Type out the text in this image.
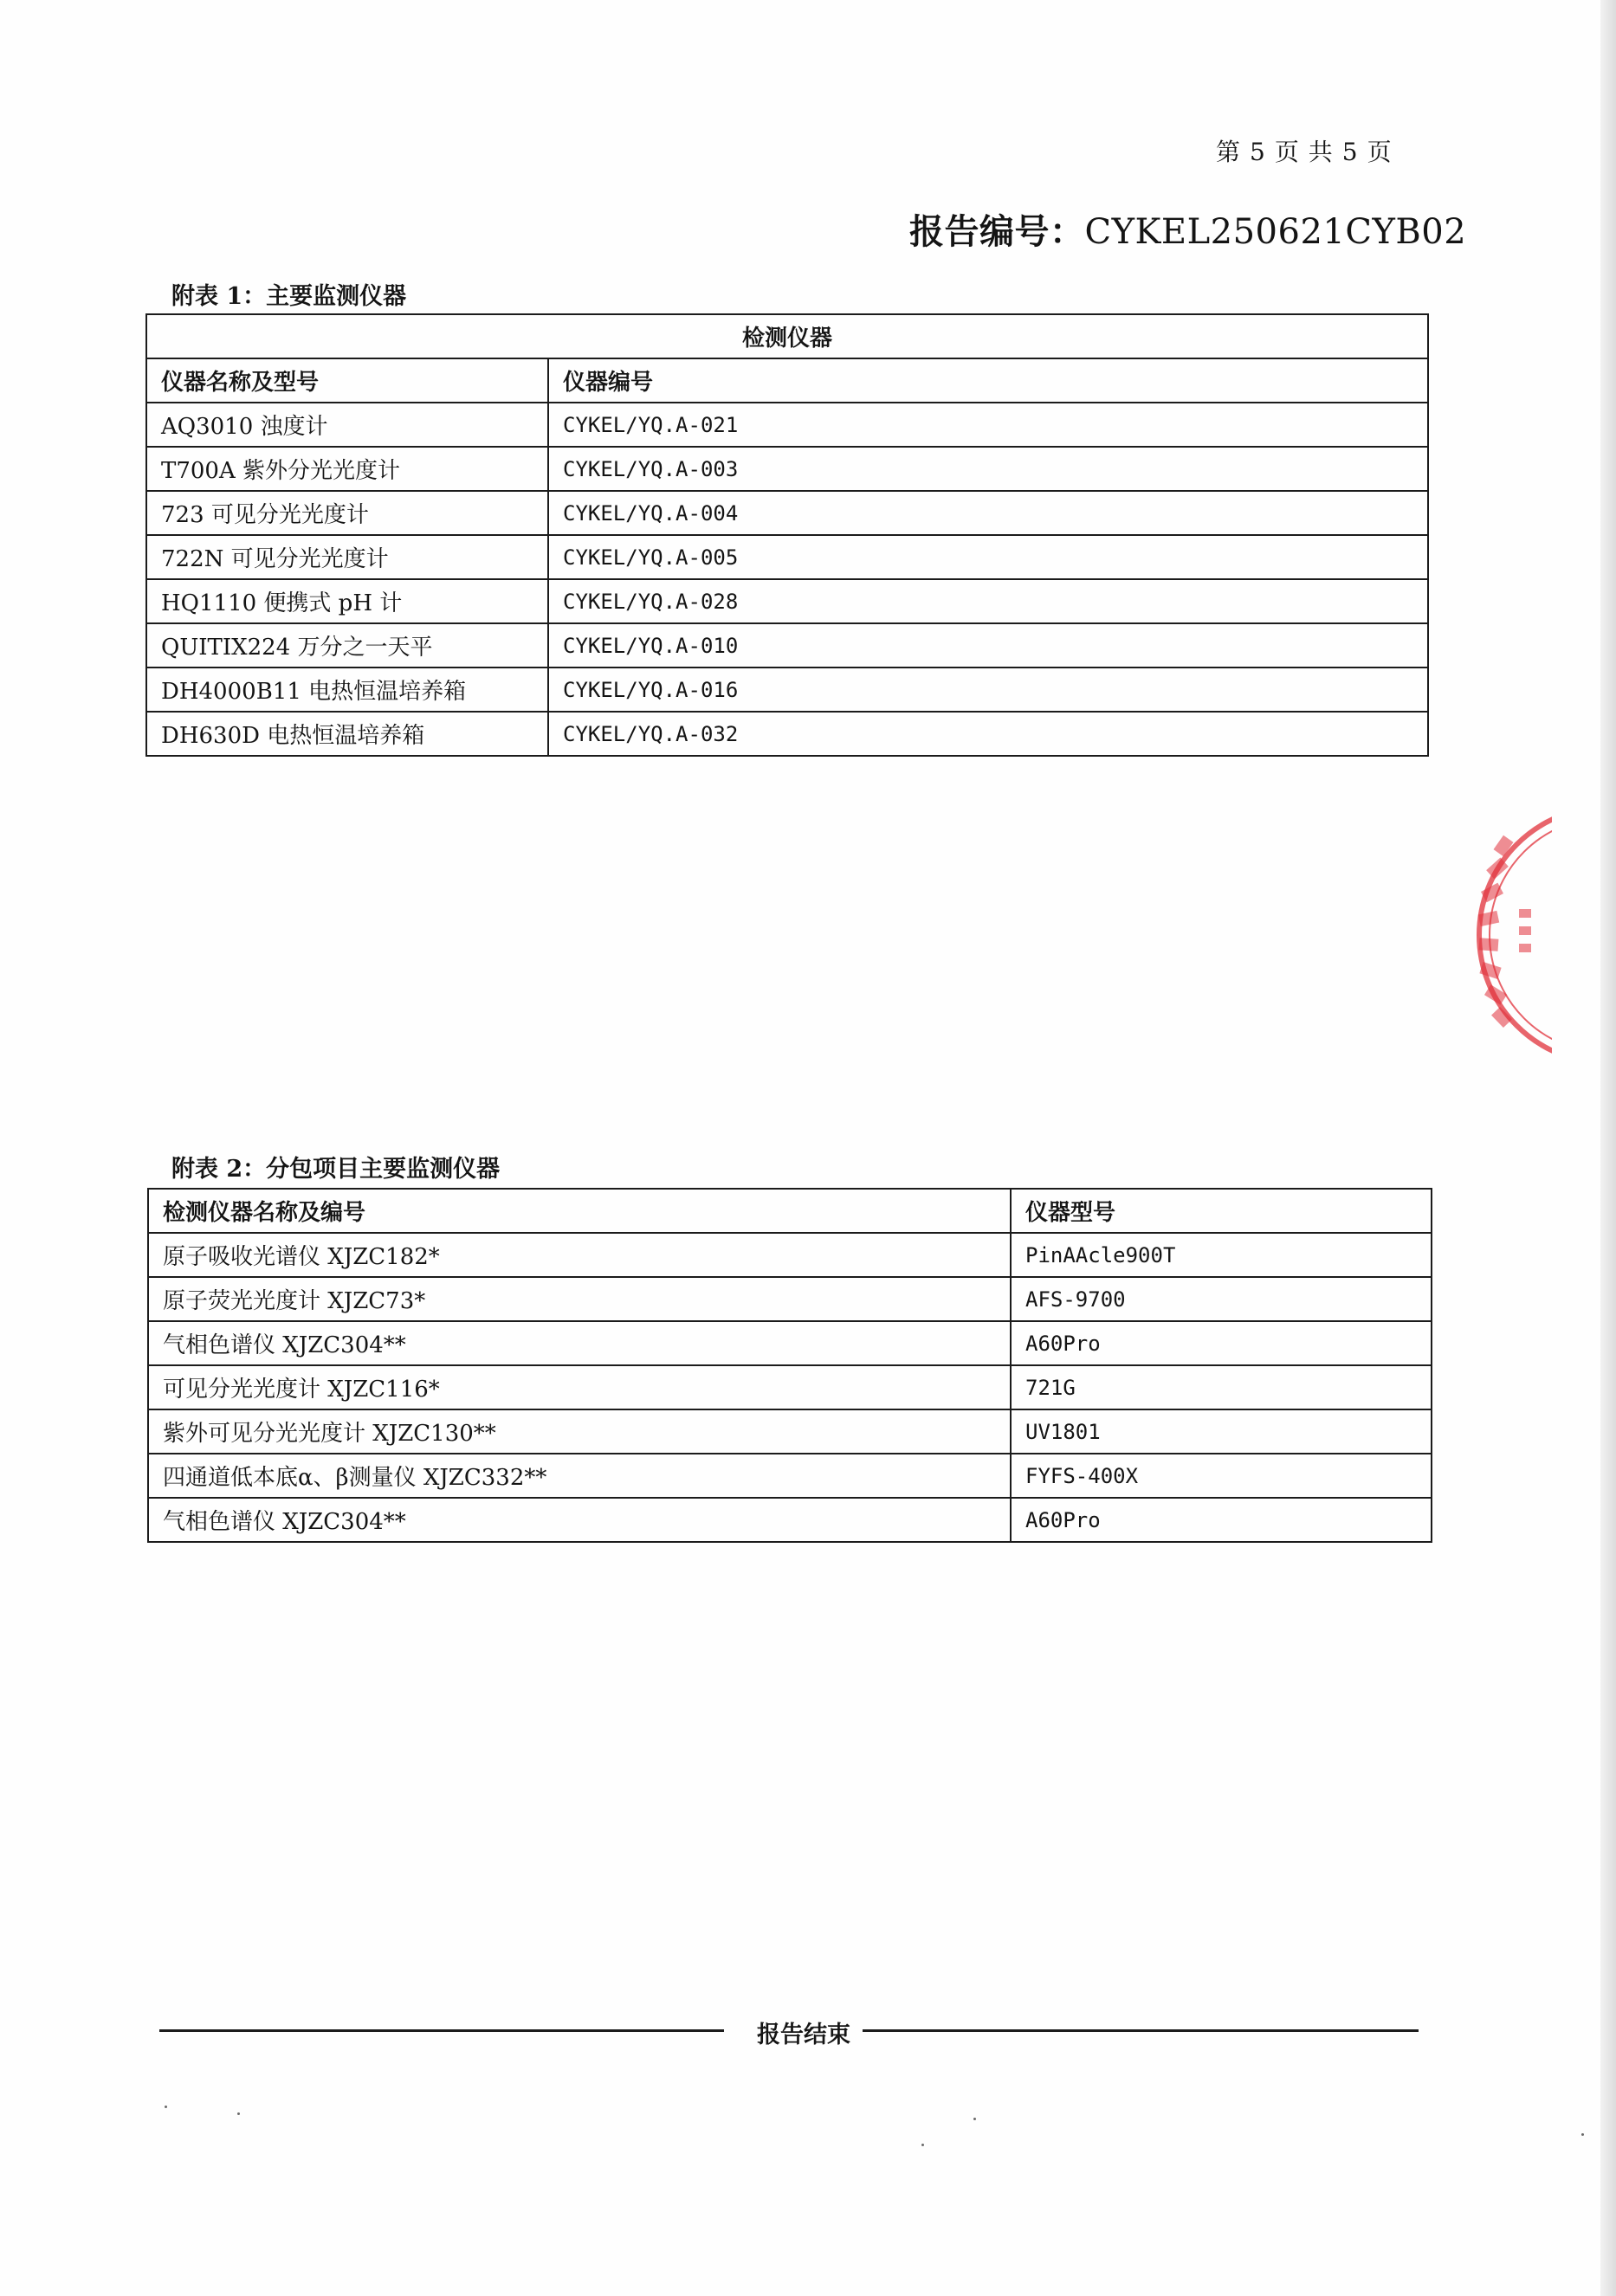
第 5 页 共 5 页
报告编号：CYKEL250621CYB02
附表 1：主要监测仪器
检测仪器	
仪器名称及型号	仪器编号
AQ3010 浊度计	CYKEL/YQ.A-021
T700A 紫外分光光度计	CYKEL/YQ.A-003
723 可见分光光度计	CYKEL/YQ.A-004
722N 可见分光光度计	CYKEL/YQ.A-005
HQ1110 便携式 pH 计	CYKEL/YQ.A-028
QUITIX224 万分之一天平	CYKEL/YQ.A-010
DH4000B11 电热恒温培养箱	CYKEL/YQ.A-016
DH630D 电热恒温培养箱	CYKEL/YQ.A-032
附表 2：分包项目主要监测仪器
检测仪器名称及编号	仪器型号
原子吸收光谱仪 XJZC182*	PinAAcle900T
原子荧光光度计 XJZC73*	AFS-9700
气相色谱仪 XJZC304**	A60Pro
可见分光光度计 XJZC116*	721G
紫外可见分光光度计 XJZC130**	UV1801
四通道低本底α、β测量仪 XJZC332**	FYFS-400X
气相色谱仪 XJZC304**	A60Pro
报告结束
